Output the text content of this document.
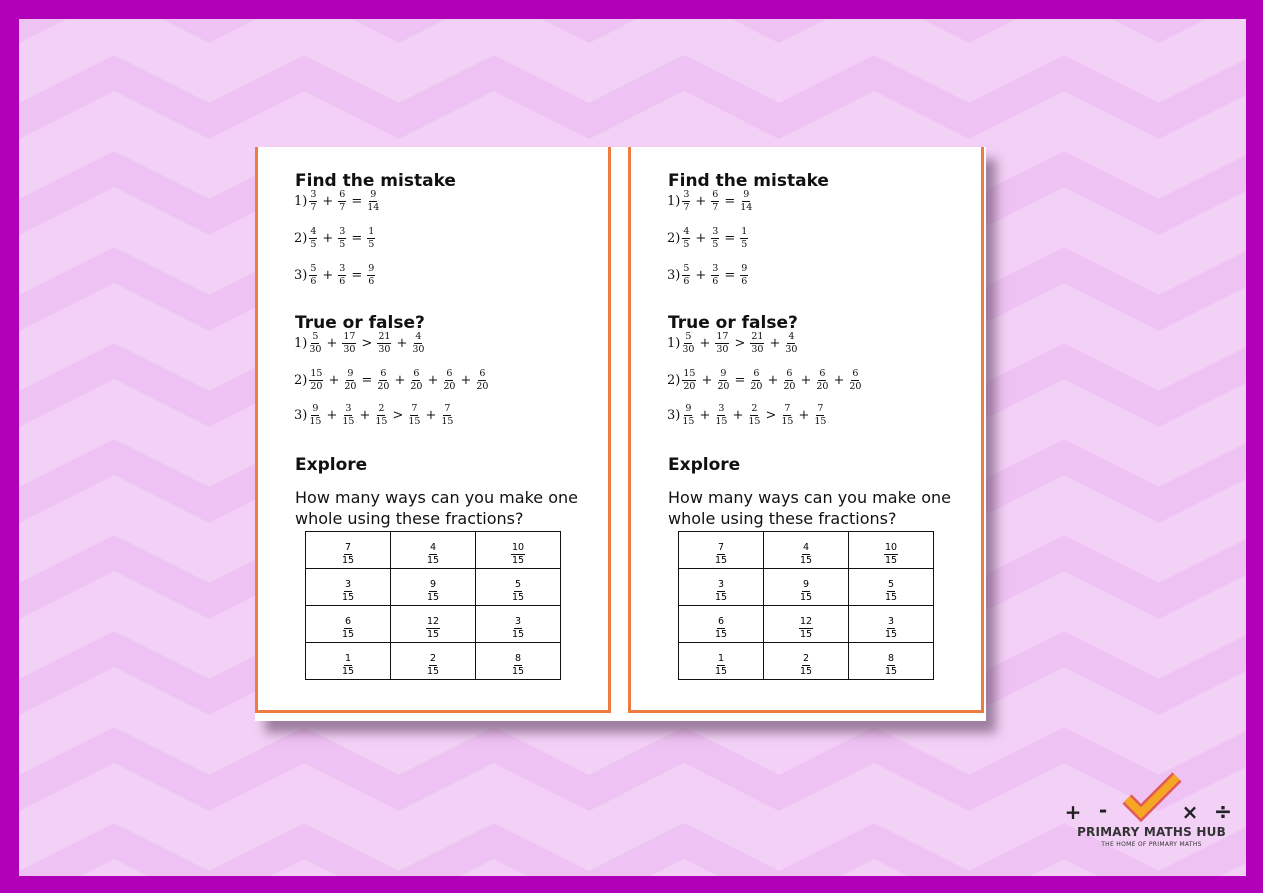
Find the mistake
$1) \frac{3}{7} + \frac{6}{7} = \frac{9}{14}$
$2) \frac{4}{5} + \frac{3}{5} = \frac{1}{5}$
$3) \frac{5}{6} + \frac{3}{6} = \frac{9}{6}$
True or false?
$1) \frac{5}{30} + \frac{17}{30} > \frac{21}{30} + \frac{4}{30}$
$2) \frac{15}{20} + \frac{9}{20} = \frac{6}{20} + \frac{6}{20} + \frac{6}{20} + \frac{6}{20}$
$3) \frac{9}{15} + \frac{3}{15} + \frac{2}{15} > \frac{7}{15} + \frac{7}{15}$
Explore
How many ways can you make one whole using these fractions?
$\frac{7}{15}$	$\frac{4}{15}$	$\frac{10}{15}$

$\frac{3}{15}$	$\frac{9}{15}$	$\frac{5}{15}$

$\frac{6}{15}$	$\frac{12}{15}$	$\frac{3}{15}$

$\frac{1}{15}$	$\frac{2}{15}$	$\frac{8}{15}$
Find the mistake
$1) \frac{3}{7} + \frac{6}{7} = \frac{9}{14}$
$2) \frac{4}{5} + \frac{3}{5} = \frac{1}{5}$
$3) \frac{5}{6} + \frac{3}{6} = \frac{9}{6}$
True or false?
$1) \frac{5}{30} + \frac{17}{30} > \frac{21}{30} + \frac{4}{30}$
$2) \frac{15}{20} + \frac{9}{20} = \frac{6}{20} + \frac{6}{20} + \frac{6}{20} + \frac{6}{20}$
$3) \frac{9}{15} + \frac{3}{15} + \frac{2}{15} > \frac{7}{15} + \frac{7}{15}$
Explore
How many ways can you make one whole using these fractions?
$\frac{7}{15}$	$\frac{4}{15}$	$\frac{10}{15}$

$\frac{3}{15}$	$\frac{9}{15}$	$\frac{5}{15}$

$\frac{6}{15}$	$\frac{12}{15}$	$\frac{3}{15}$

$\frac{1}{15}$	$\frac{2}{15}$	$\frac{8}{15}$
+ -	× ÷
PRIMARY MATHS HUB
THE HOME OF PRIMARY MATHS
